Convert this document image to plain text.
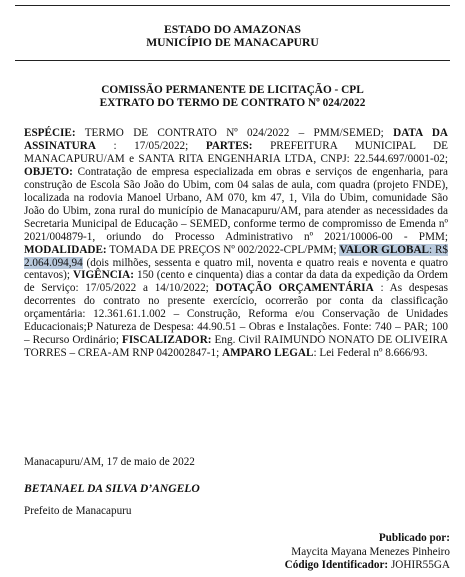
ESTADO DO AMAZONAS
MUNICÍPIO DE MANACAPURU
COMISSÃO PERMANENTE DE LICITAÇÃO - CPL
EXTRATO DO TERMO DE CONTRATO Nº 024/2022

ESPÉCIE: TERMO DE CONTRATO Nº 024/2022 – PMM/SEMED; DATA DA ASSINATURA : 17/05/2022; PARTES: PREFEITURA MUNICIPAL DE MANACAPURU/AM e SANTA RITA ENGENHARIA LTDA, CNPJ: 22.544.697/0001-02; OBJETO: Contratação de empresa especializada em obras e serviços de engenharia, para construção de Escola São João do Ubim, com 04 salas de aula, com quadra (projeto FNDE), localizada na rodovia Manoel Urbano, AM 070, km 47, 1, Vila do Ubim, comunidade São João do Ubim, zona rural do município de Manacapuru/AM, para atender as necessidades da Secretaria Municipal de Educação – SEMED, conforme termo de compromisso de Emenda nº 2021/004879-1, oriundo do Processo Administrativo nº 2021/10006-00 - PMM; MODALIDADE: TOMADA DE PREÇOS Nº 002/2022-CPL/PMM; VALOR GLOBAL: R$ 2.064.094,94 (dois milhões, sessenta e quatro mil, noventa e quatro reais e noventa e quatro centavos); VIGÊNCIA: 150 (cento e cinquenta) dias a contar da data da expedição da Ordem de Serviço: 17/05/2022 a 14/10/2022; DOTAÇÃO ORÇAMENTÁRIA : As despesas decorrentes do contrato no presente exercício, ocorrerão por conta da classificação orçamentária: 12.361.61.1.002 – Construção, Reforma e/ou Conservação de Unidades Educacionais;P Natureza de Despesa: 44.90.51 – Obras e Instalações. Fonte: 740 – PAR; 100 – Recurso Ordinário; FISCALIZADOR: Eng. Civil RAIMUNDO NONATO DE OLIVEIRA TORRES – CREA-AM RNP 042002847-1; AMPARO LEGAL: Lei Federal nº 8.666/93.

Manacapuru/AM, 17 de maio de 2022
BETANAEL DA SILVA D’ANGELO
Prefeito de Manacapuru
Publicado por:
Maycita Mayana Menezes Pinheiro
Código Identificador: JOHIR55GA
